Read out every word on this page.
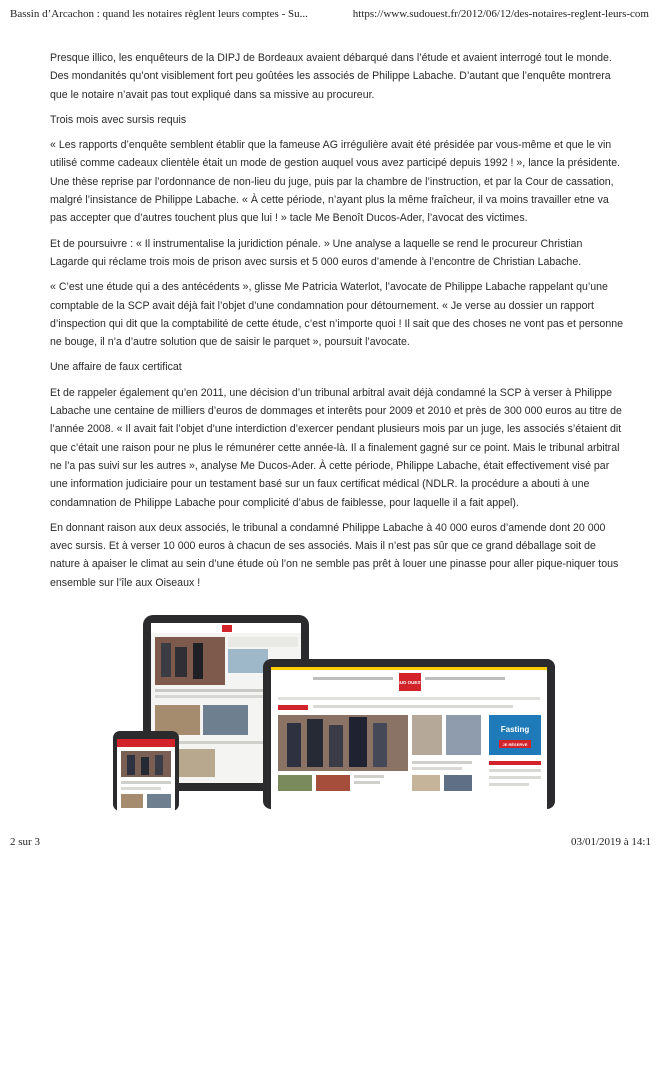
Bassin d’Arcachon : quand les notaires règlent leurs comptes - Su...	https://www.sudouest.fr/2012/06/12/des-notaires-reglent-leurs-com

Presque illico, les enquêteurs de la DIPJ de Bordeaux avaient débarqué dans l’étude et avaient interrogé tout le monde. Des mondanités qu’ont visiblement fort peu goûtées les associés de Philippe Labache. D’autant que l’enquête montrera que le notaire n’avait pas tout expliqué dans sa missive au procureur.

Trois mois avec sursis requis

« Les rapports d’enquête semblent établir que la fameuse AG irrégulière avait été présidée par vous-même et que le vin utilisé comme cadeaux clientèle était un mode de gestion auquel vous avez participé depuis 1992 ! », lance la présidente. Une thèse reprise par l’ordonnance de non-lieu du juge, puis par la chambre de l’instruction, et par la Cour de cassation, malgré l’insistance de Philippe Labache. « À cette période, n’ayant plus la même fraîcheur, il va moins travailler etne va pas accepter que d’autres touchent plus que lui ! » tacle Me Benoît Ducos-Ader, l’avocat des victimes.

Et de poursuivre : « Il instrumentalise la juridiction pénale. » Une analyse a laquelle se rend le procureur Christian Lagarde qui réclame trois mois de prison avec sursis et 5 000 euros d’amende à l’encontre de Christian Labache.

« C’est une étude qui a des antécédents », glisse Me Patricia Waterlot, l’avocate de Philippe Labache rappelant qu’une comptable de la SCP avait déjà fait l’objet d’une condamnation pour détournement. « Je verse au dossier un rapport d’inspection qui dit que la comptabilité de cette étude, c’est n’importe quoi ! Il sait que des choses ne vont pas et personne ne bouge, il n’a d’autre solution que de saisir le parquet », poursuit l’avocate.

Une affaire de faux certificat

Et de rappeler également qu’en 2011, une décision d’un tribunal arbitral avait déjà condamné la SCP à verser à Philippe Labache une centaine de milliers d’euros de dommages et interêts pour 2009 et 2010 et près de 300 000 euros au titre de l’année 2008. « Il avait fait l’objet d’une interdiction d’exercer pendant plusieurs mois par un juge, les associés s’étaient dit que c’était une raison pour ne plus le rémunérer cette année-là. Il a finalement gagné sur ce point. Mais le tribunal arbitral ne l’a pas suivi sur les autres », analyse Me Ducos-Ader. À cette période, Philippe Labache, était effectivement visé par une information judiciaire pour un testament basé sur un faux certificat médical (NDLR. la procédure a abouti à une condamnation de Philippe Labache pour complicité d’abus de faiblesse, pour laquelle il a fait appel).

En donnant raison aux deux associés, le tribunal a condamné Philippe Labache à 40 000 euros d’amende dont 20 000 avec sursis. Et à verser 10 000 euros à chacun de ses associés. Mais il n’est pas sûr que ce grand déballage soit de nature à apaiser le climat au sein d’une étude où l’on ne semble pas prêt à louer une pinasse pour aller pique-niquer tous ensemble sur l’île aux Oiseaux !

SUD OUEST
Fasting
JE RÉSERVE
2 sur 3	03/01/2019 à 14:1
